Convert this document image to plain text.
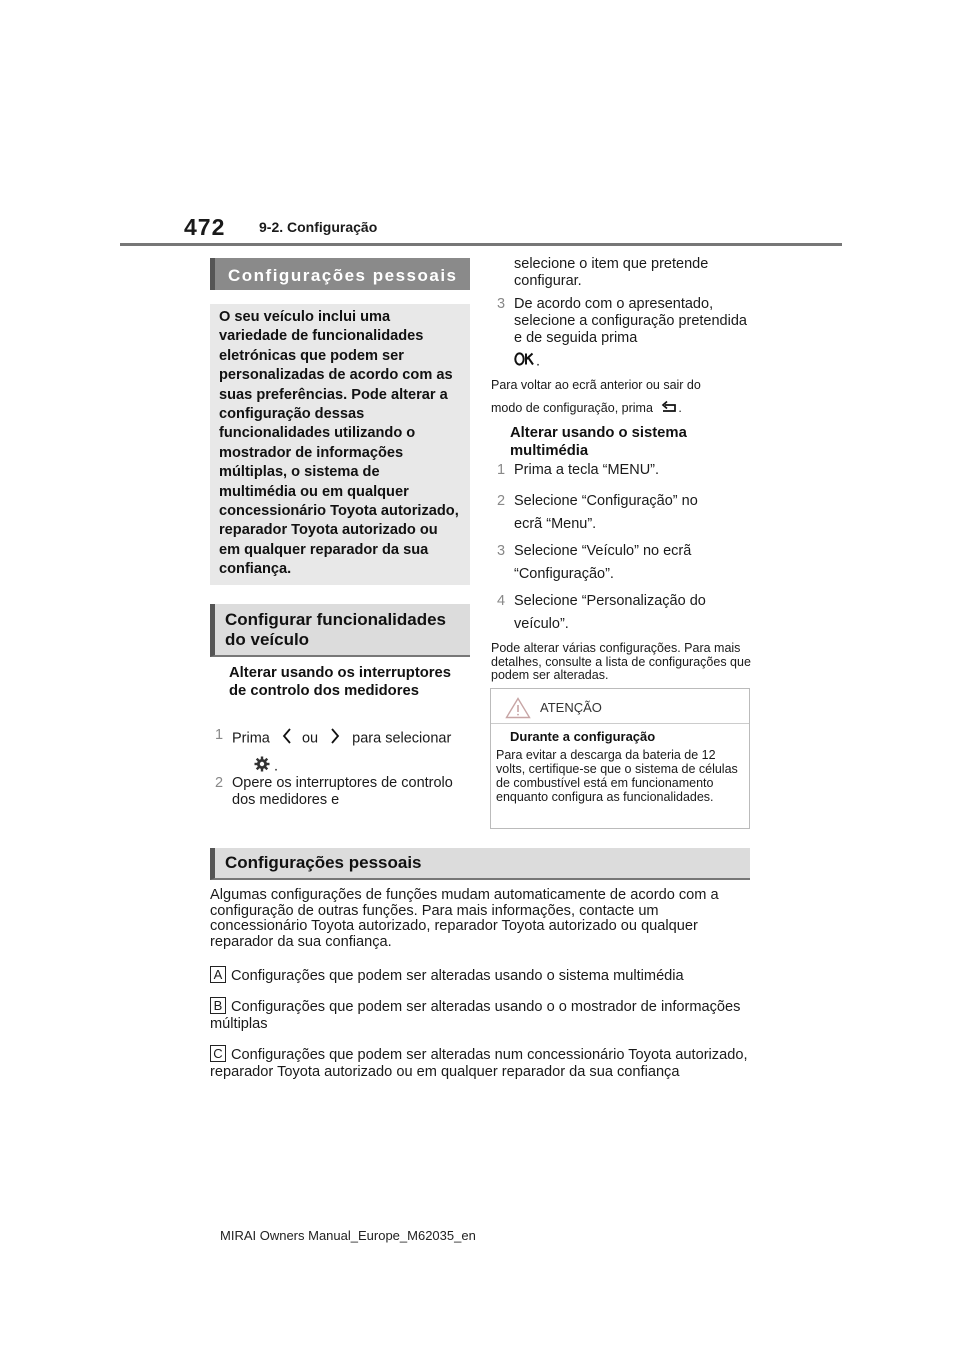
472 9-2. Configuração
Configurações pessoais
O seu veículo inclui uma variedade de funcionalidades eletrónicas que podem ser personalizadas de acordo com as suas preferências. Pode alterar a configuração dessas funcionalidades utilizando o mostrador de informações múltiplas, o sistema de multimédia ou em qualquer concessionário Toyota autorizado, reparador Toyota autorizado ou em qualquer reparador da sua confiança.
Configurar funcionalidades do veículo
Alterar usando os interruptores de controlo dos medidores
1 Prima ou para selecionar
.
2 Opere os interruptores de controlo dos medidores e
selecione o item que pretende configurar.
3 De acordo com o apresentado, selecione a configuração pretendida e de seguida prima
.
Para voltar ao ecrã anterior ou sair do
modo de configuração, prima .
Alterar usando o sistema multimédia
1 Prima a tecla “MENU”.
2 Selecione “Configuração” no
ecrã “Menu”.
3 Selecione “Veículo” no ecrã
“Configuração”.
4 Selecione “Personalização do
veículo”.
Pode alterar várias configurações. Para mais detalhes, consulte a lista de configurações que podem ser alteradas.
ATENÇÃO
Durante a configuração
Para evitar a descarga da bateria de 12 volts, certifique-se que o sistema de células de combustível está em funcionamento enquanto configura as funcionalidades.
Configurações pessoais
Algumas configurações de funções mudam automaticamente de acordo com a configuração de outras funções. Para mais informações, contacte um concessionário Toyota autorizado, reparador Toyota autorizado ou qualquer reparador da sua confiança.
A Configurações que podem ser alteradas usando o sistema multimédia
B Configurações que podem ser alteradas usando o o mostrador de informações múltiplas
C Configurações que podem ser alteradas num concessionário Toyota autorizado, reparador Toyota autorizado ou em qualquer reparador da sua confiança
MIRAI Owners Manual_Europe_M62035_en
